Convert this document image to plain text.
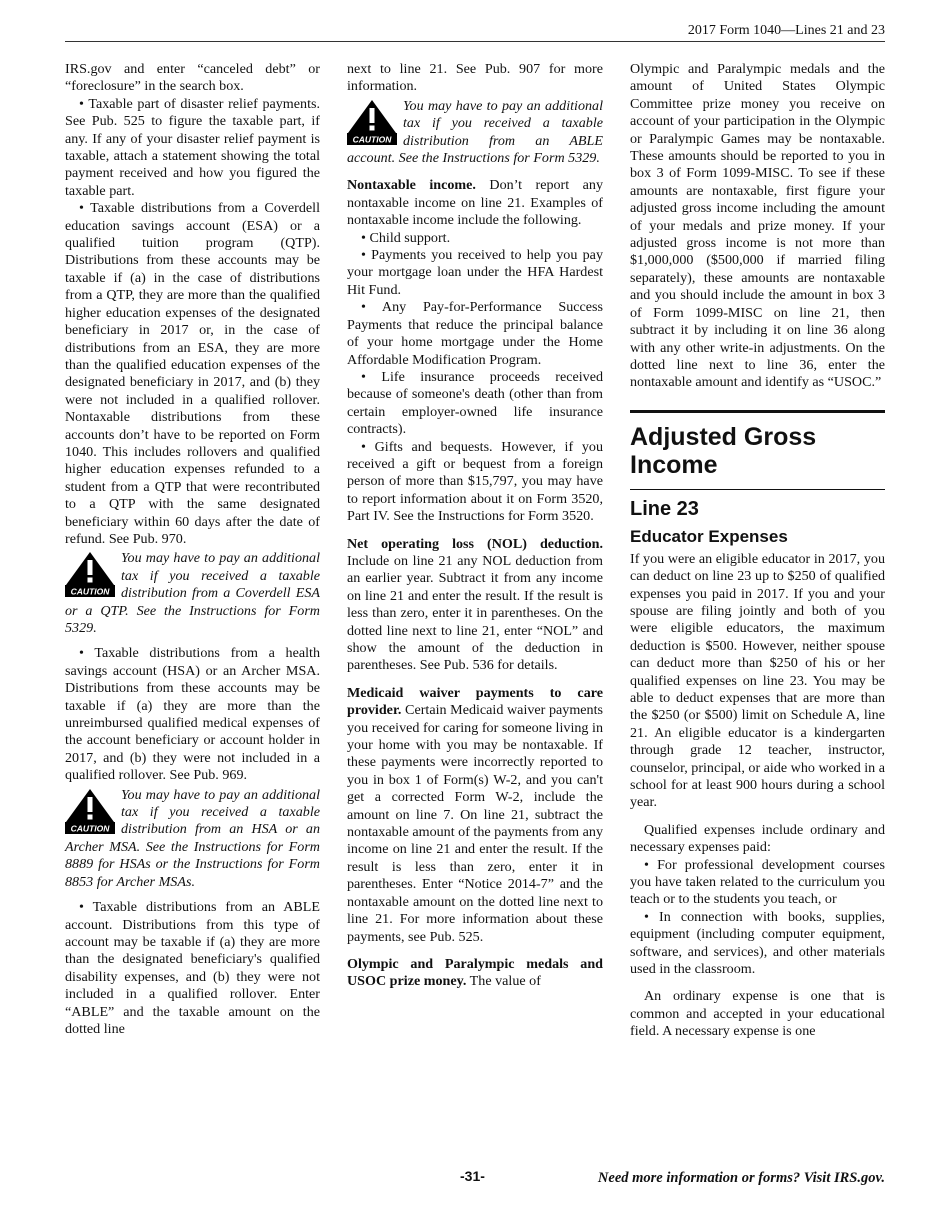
2017 Form 1040—Lines 21 and 23

IRS.gov and enter “canceled debt” or “foreclosure” in the search box.

• Taxable part of disaster relief payments. See Pub. 525 to figure the taxable part, if any. If any of your disaster relief payment is taxable, attach a statement showing the total payment received and how you figured the taxable part.

• Taxable distributions from a Coverdell education savings account (ESA) or a qualified tuition program (QTP). Distributions from these accounts may be taxable if (a) in the case of distributions from a QTP, they are more than the qualified higher education expenses of the designated beneficiary in 2017 or, in the case of distributions from an ESA, they are more than the qualified education expenses of the designated beneficiary in 2017, and (b) they were not included in a qualified rollover. Nontaxable distributions from these accounts don’t have to be reported on Form 1040. This includes rollovers and qualified higher education expenses refunded to a student from a QTP that were recontributed to a QTP with the same designated beneficiary within 60 days after the date of refund. See Pub. 970.

CAUTION
You may have to pay an additional tax if you received a taxable distribution from a Coverdell ESA or a QTP. See the Instructions for Form 5329.

• Taxable distributions from a health savings account (HSA) or an Archer MSA. Distributions from these accounts may be taxable if (a) they are more than the unreimbursed qualified medical expenses of the account beneficiary or account holder in 2017, and (b) they were not included in a qualified rollover. See Pub. 969.

CAUTION
You may have to pay an additional tax if you received a taxable distribution from an HSA or an Archer MSA. See the Instructions for Form 8889 for HSAs or the Instructions for Form 8853 for Archer MSAs.

• Taxable distributions from an ABLE account. Distributions from this type of account may be taxable if (a) they are more than the designated beneficiary's qualified disability expenses, and (b) they were not included in a qualified rollover. Enter “ABLE” and the taxable amount on the dotted line

next to line 21. See Pub. 907 for more information.

CAUTION
You may have to pay an additional tax if you received a taxable distribution from an ABLE account. See the Instructions for Form 5329.

Nontaxable income. Don’t report any nontaxable income on line 21. Examples of nontaxable income include the following.

• Child support.

• Payments you received to help you pay your mortgage loan under the HFA Hardest Hit Fund.

• Any Pay-for-Performance Success Payments that reduce the principal balance of your home mortgage under the Home Affordable Modification Program.

• Life insurance proceeds received because of someone's death (other than from certain employer-owned life insurance contracts).

• Gifts and bequests. However, if you received a gift or bequest from a foreign person of more than $15,797, you may have to report information about it on Form 3520, Part IV. See the Instructions for Form 3520.

Net operating loss (NOL) deduction. Include on line 21 any NOL deduction from an earlier year. Subtract it from any income on line 21 and enter the result. If the result is less than zero, enter it in parentheses. On the dotted line next to line 21, enter “NOL” and show the amount of the deduction in parentheses. See Pub. 536 for details.

Medicaid waiver payments to care provider. Certain Medicaid waiver payments you received for caring for someone living in your home with you may be nontaxable. If these payments were incorrectly reported to you in box 1 of Form(s) W-2, and you can't get a corrected Form W-2, include the amount on line 7. On line 21, subtract the nontaxable amount of the payments from any income on line 21 and enter the result. If the result is less than zero, enter it in parentheses. Enter “Notice 2014-7” and the nontaxable amount on the dotted line next to line 21. For more information about these payments, see Pub. 525.

Olympic and Paralympic medals and USOC prize money. The value of

Olympic and Paralympic medals and the amount of United States Olympic Committee prize money you receive on account of your participation in the Olympic or Paralympic Games may be nontaxable. These amounts should be reported to you in box 3 of Form 1099-MISC. To see if these amounts are nontaxable, first figure your adjusted gross income including the amount of your medals and prize money. If your adjusted gross income is not more than $1,000,000 ($500,000 if married filing separately), these amounts are nontaxable and you should include the amount in box 3 of Form 1099-MISC on line 21, then subtract it by including it on line 36 along with any other write-in adjustments. On the dotted line next to line 36, enter the nontaxable amount and identify as “USOC.”

Adjusted Gross Income
Line 23
Educator Expenses

If you were an eligible educator in 2017, you can deduct on line 23 up to $250 of qualified expenses you paid in 2017. If you and your spouse are filing jointly and both of you were eligible educators, the maximum deduction is $500. However, neither spouse can deduct more than $250 of his or her qualified expenses on line 23. You may be able to deduct expenses that are more than the $250 (or $500) limit on Schedule A, line 21. An eligible educator is a kindergarten through grade 12 teacher, instructor, counselor, principal, or aide who worked in a school for at least 900 hours during a school year.

Qualified expenses include ordinary and necessary expenses paid:

• For professional development courses you have taken related to the curriculum you teach or to the students you teach, or

• In connection with books, supplies, equipment (including computer equipment, software, and services), and other materials used in the classroom.

An ordinary expense is one that is common and accepted in your educational field. A necessary expense is one

-31-	Need more information or forms? Visit IRS.gov.
